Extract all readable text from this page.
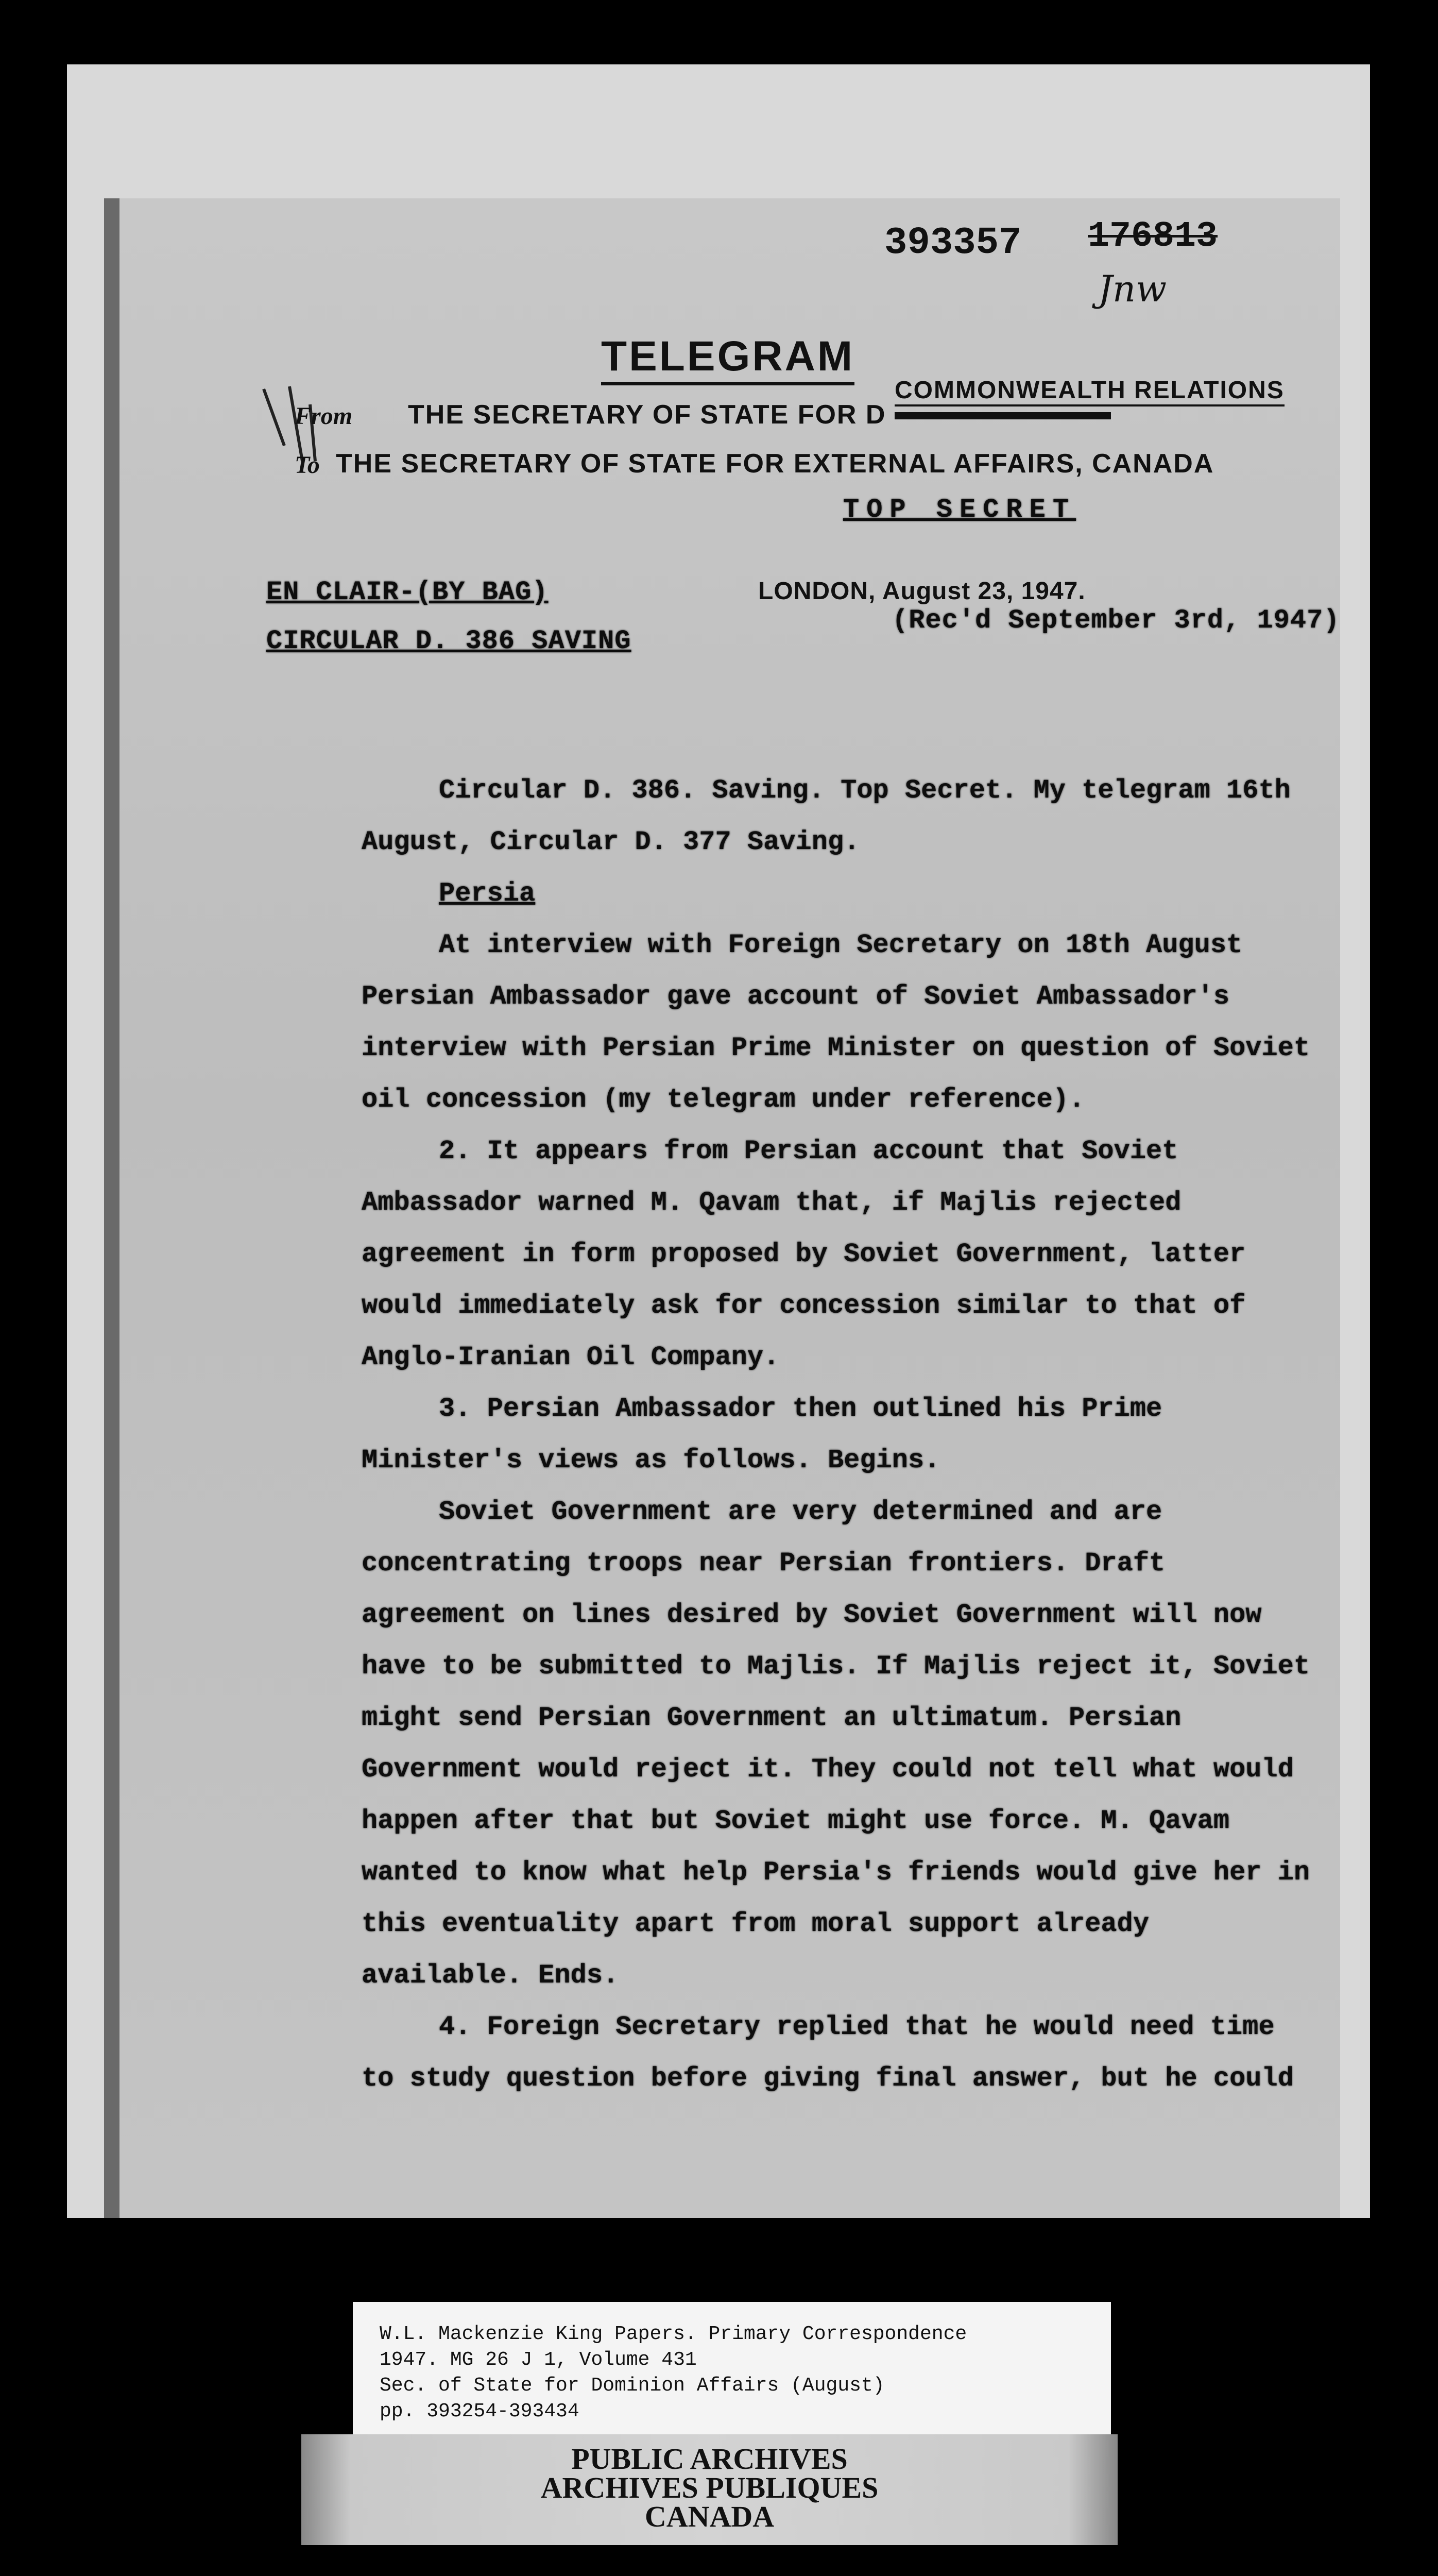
393357 176813
Jnw
TELEGRAM
From THE SECRETARY OF STATE FOR D
COMMONWEALTH RELATIONS
To THE SECRETARY OF STATE FOR EXTERNAL AFFAIRS, CANADA
TOP SECRET
EN CLAIR-(BY BAG)
CIRCULAR D. 386 SAVING
LONDON, August 23, 1947.
(Rec'd September 3rd, 1947)

Circular D. 386. Saving. Top Secret. My telegram 16th August, Circular D. 377 Saving.

Persia

At interview with Foreign Secretary on 18th August Persian Ambassador gave account of Soviet Ambassador's interview with Persian Prime Minister on question of Soviet oil concession (my telegram under reference).

2. It appears from Persian account that Soviet Ambassador warned M. Qavam that, if Majlis rejected agreement in form proposed by Soviet Government, latter would immediately ask for concession similar to that of Anglo-Iranian Oil Company.

3. Persian Ambassador then outlined his Prime Minister's views as follows. Begins.

Soviet Government are very determined and are concentrating troops near Persian frontiers. Draft agreement on lines desired by Soviet Government will now have to be submitted to Majlis. If Majlis reject it, Soviet might send Persian Government an ultimatum. Persian Government would reject it. They could not tell what would happen after that but Soviet might use force. M. Qavam wanted to know what help Persia's friends would give her in this eventuality apart from moral support already available. Ends.

4. Foreign Secretary replied that he would need time to study question before giving final answer, but he could

W.L. Mackenzie King Papers. Primary Correspondence
1947. MG 26 J 1, Volume 431
Sec. of State for Dominion Affairs (August)
pp. 393254-393434
PUBLIC ARCHIVES
ARCHIVES PUBLIQUES
CANADA
